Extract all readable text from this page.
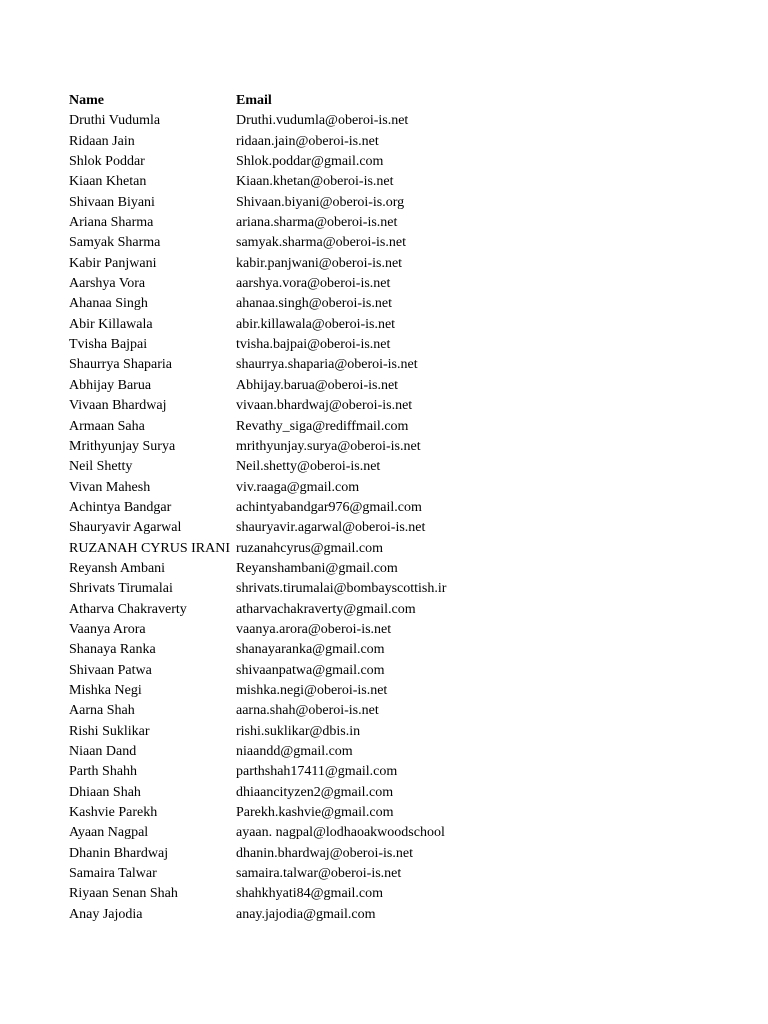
Name	Email
Druthi Vudumla	Druthi.vudumla@oberoi-is.net
Ridaan Jain	ridaan.jain@oberoi-is.net
Shlok Poddar	Shlok.poddar@gmail.com
Kiaan Khetan	Kiaan.khetan@oberoi-is.net
Shivaan Biyani	Shivaan.biyani@oberoi-is.org
Ariana Sharma	ariana.sharma@oberoi-is.net
Samyak Sharma	samyak.sharma@oberoi-is.net
Kabir Panjwani	kabir.panjwani@oberoi-is.net
Aarshya Vora	aarshya.vora@oberoi-is.net
Ahanaa Singh	ahanaa.singh@oberoi-is.net
Abir Killawala	abir.killawala@oberoi-is.net
Tvisha Bajpai	tvisha.bajpai@oberoi-is.net
Shaurrya Shaparia	shaurrya.shaparia@oberoi-is.net
Abhijay Barua	Abhijay.barua@oberoi-is.net
Vivaan Bhardwaj	vivaan.bhardwaj@oberoi-is.net
Armaan Saha	Revathy_siga@rediffmail.com
Mrithyunjay Surya	mrithyunjay.surya@oberoi-is.net
Neil Shetty	Neil.shetty@oberoi-is.net
Vivan Mahesh	viv.raaga@gmail.com
Achintya Bandgar	achintyabandgar976@gmail.com
Shauryavir Agarwal	shauryavir.agarwal@oberoi-is.net
RUZANAH CYRUS IRANI ruzanahcyrus@gmail.com
Reyansh Ambani	Reyanshambani@gmail.com
Shrivats Tirumalai	shrivats.tirumalai@bombayscottish.ir
Atharva Chakraverty	atharvachakraverty@gmail.com
Vaanya Arora	vaanya.arora@oberoi-is.net
Shanaya Ranka	shanayaranka@gmail.com
Shivaan Patwa	shivaanpatwa@gmail.com
Mishka Negi	mishka.negi@oberoi-is.net
Aarna Shah	aarna.shah@oberoi-is.net
Rishi Suklikar	rishi.suklikar@dbis.in
Niaan Dand	niaandd@gmail.com
Parth Shahh	parthshah17411@gmail.com
Dhiaan Shah	dhiaancityzen2@gmail.com
Kashvie Parekh	Parekh.kashvie@gmail.com
Ayaan Nagpal	ayaan. nagpal@lodhaoakwoodschool
Dhanin Bhardwaj	dhanin.bhardwaj@oberoi-is.net
Samaira Talwar	samaira.talwar@oberoi-is.net
Riyaan Senan Shah	shahkhyati84@gmail.com
Anay Jajodia	anay.jajodia@gmail.com
